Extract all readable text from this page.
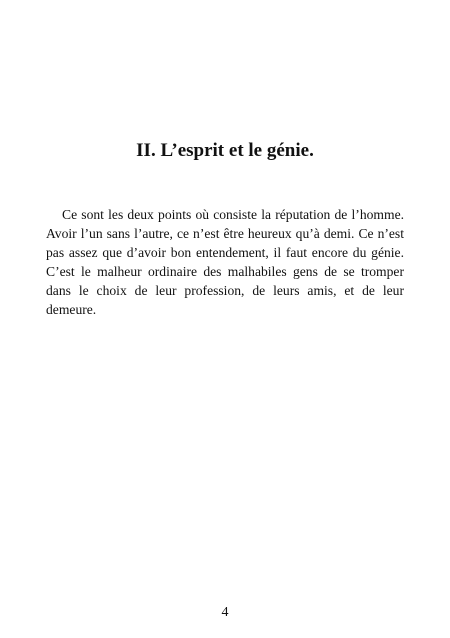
II. L’esprit et le génie.

Ce sont les deux points où consiste la réputation de l’homme. Avoir l’un sans l’autre, ce n’est être heureux qu’à demi. Ce n’est pas assez que d’avoir bon entendement, il faut encore du génie. C’est le malheur ordinaire des malhabiles gens de se tromper dans le choix de leur profession, de leurs amis, et de leur demeure.

4
